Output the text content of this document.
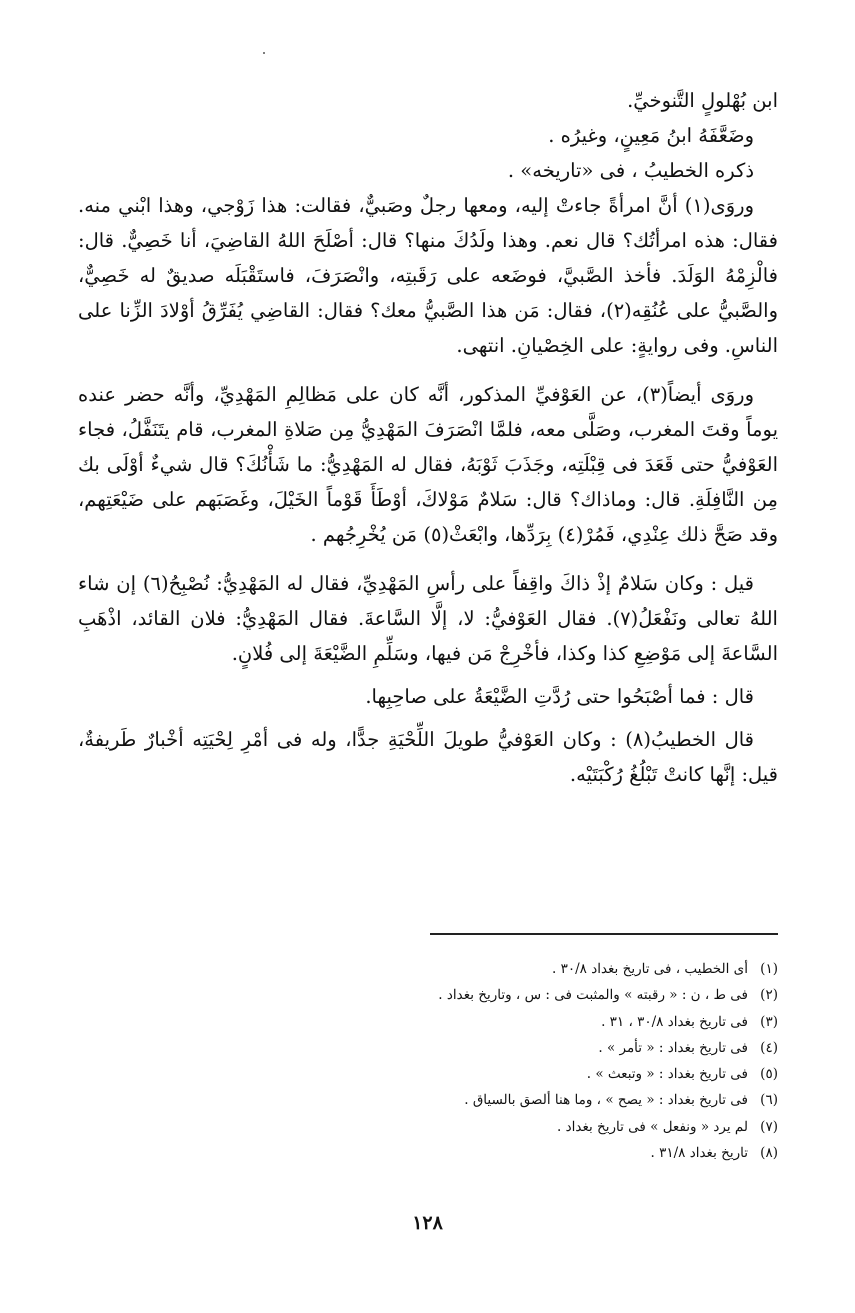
ابن بُهْلولٍ التَّنوخيِّ.

وضَعَّفَهُ ابنُ مَعِينٍ، وغيرُه .

ذكره الخطيبُ ، فى «تاريخه» .

وروَى(١) أنَّ امرأةً جاءتْ إليه، ومعها رجلٌ وصَبيٌّ، فقالت: هذا زَوْجي، وهذا ابْني منه. فقال: هذه امرأتُك؟ قال نعم. وهذا ولَدُكَ منها؟ قال: أصْلَحَ اللهُ القاضِيَ، أنا خَصِيٌّ. قال: فالْزِمْهُ الوَلَدَ. فأخذ الصَّبيَّ، فوضَعه على رَقَبتِه، وانْصَرَفَ، فاستَقْبَلَه صديقٌ له خَصِيٌّ، والصَّبيُّ على عُنُقِه(٢)، فقال: مَن هذا الصَّبيُّ معك؟ فقال: القاضِي يُفَرِّقُ أوْلادَ الزِّنا على الناسِ. وفى روايةٍ: على الخِصْيانِ. انتهى.

وروَى أيضاً(٣)، عن العَوْفيِّ المذكور، أنَّه كان على مَظالِمِ المَهْدِيِّ، وأنَّه حضر عنده يوماً وقتَ المغرب، وصَلَّى معه، فلمَّا انْصَرَفَ المَهْدِيُّ مِن صَلاةِ المغرب، قام يتَنَفَّلُ، فجاء العَوْفيُّ حتى قَعَدَ فى قِبْلَتِه، وجَذَبَ ثَوْبَهُ، فقال له المَهْدِيُّ: ما شَأْنُكَ؟ قال شيءٌ أوْلَى بك مِن النَّافِلَةِ. قال: وماذاك؟ قال: سَلامٌ مَوْلاكَ، أوْطَأَ قَوْماً الخَيْلَ، وغَصَبَهم على ضَيْعَتِهم، وقد صَحَّ ذلك عِنْدِي، فَمُرْ(٤) بِرَدِّها، وابْعَثْ(٥) مَن يُخْرِجُهم .

قيل : وكان سَلامٌ إذْ ذاكَ واقِفاً على رأسِ المَهْدِيِّ، فقال له المَهْدِيُّ: نُصْبِحُ(٦) إن شاء اللهُ تعالى ونَفْعَلُ(٧). فقال العَوْفيُّ: لا، إلَّا السَّاعةَ. فقال المَهْدِيُّ: فلان القائد، اذْهَبِ السَّاعةَ إلى مَوْضِعِ كذا وكذا، فأخْرِجْ مَن فيها، وسَلِّمِ الضَّيْعَةَ إلى فُلانٍ.

قال : فما أصْبَحُوا حتى رُدَّتِ الضَّيْعَةُ على صاحِبِها.

قال الخطيبُ(٨) : وكان العَوْفيُّ طويلَ اللِّحْيَةِ جدًّا، وله فى أمْرِ لِحْيَتِه أخْبارٌ طَريفةٌ، قيل: إنَّها كانتْ تَبْلُغُ رُكْبَتَيْه.

(١)أى الخطيب ، فى تاريخ بغداد ٣٠/٨ .
(٢)فى ط ، ن : « رقبته » والمثبت فى : س ، وتاريخ بغداد .
(٣)فى تاريخ بغداد ٣٠/٨ ، ٣١ .
(٤)فى تاريخ بغداد : « تأمر » .
(٥)فى تاريخ بغداد : « وتبعث » .
(٦)فى تاريخ بغداد : « يصح » ، وما هنا ألصق بالسياق .
(٧)لم يرد « ونفعل » فى تاريخ بغداد .
(٨)تاريخ بغداد ٣١/٨ .
١٢٨
